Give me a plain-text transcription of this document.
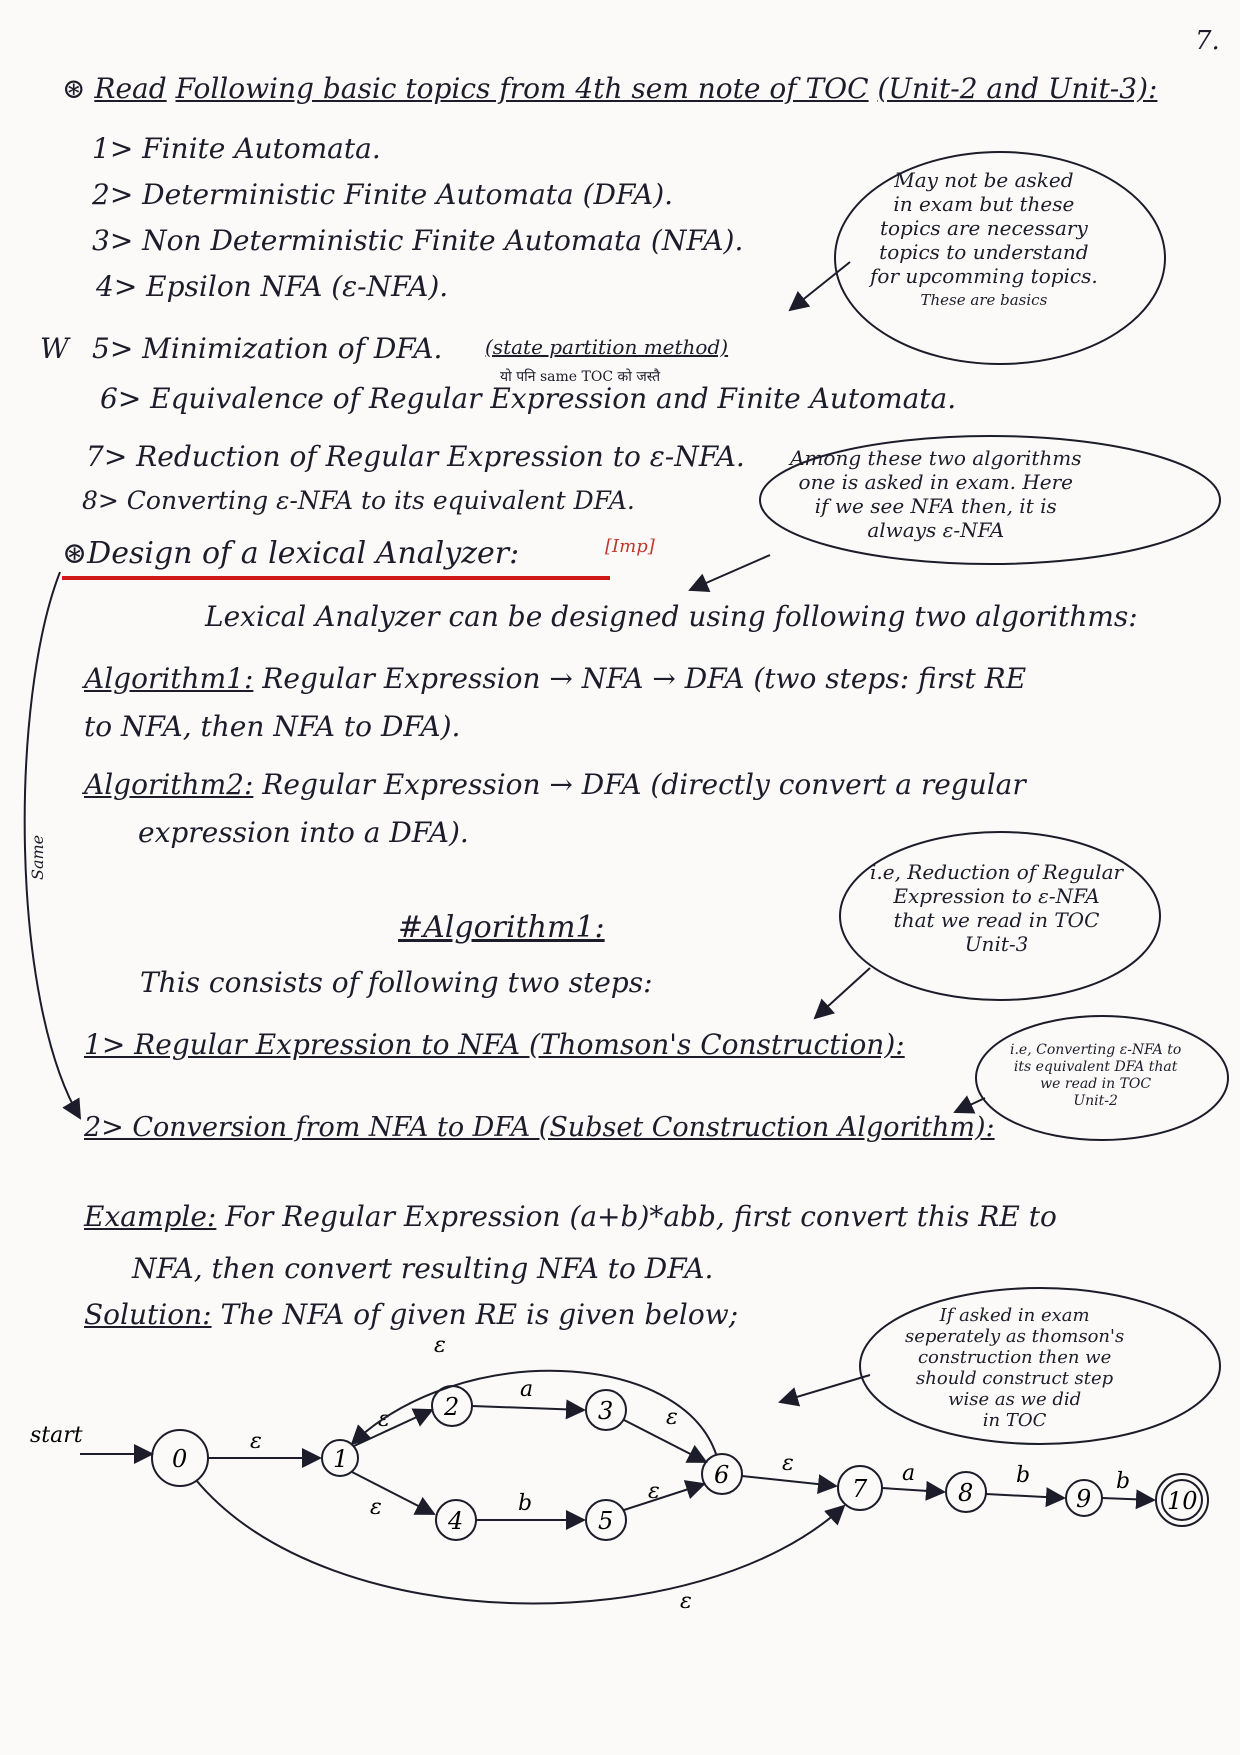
7.
⊛ Read Following basic topics from 4th sem note of TOC (Unit-2 and Unit-3):
1> Finite Automata.
2> Deterministic Finite Automata (DFA).
3> Non Deterministic Finite Automata (NFA).
4> Epsilon NFA (ε-NFA).
W 5> Minimization of DFA. (state partition method)
यो पनि same TOC को जस्तै
6> Equivalence of Regular Expression and Finite Automata.
7> Reduction of Regular Expression to ε-NFA.
8> Converting ε-NFA to its equivalent DFA.
May not be asked
in exam but these
topics are necessary
topics to understand
for upcomming topics.
These are basics
⊛Design of a lexical Analyzer:	[Imp]
Among these two algorithms
one is asked in exam. Here
if we see NFA then, it is
always ε-NFA
Lexical Analyzer can be designed using following two algorithms:
Algorithm1: Regular Expression → NFA → DFA (two steps: first RE
to NFA, then NFA to DFA).
Algorithm2: Regular Expression → DFA (directly convert a regular
expression into a DFA).
Same
#Algorithm1:
This consists of following two steps:
i.e, Reduction of Regular
Expression to ε-NFA
that we read in TOC
Unit-3
1> Regular Expression to NFA (Thomson's Construction):	i.e, Converting ε-NFA to
its equivalent DFA that
we read in TOC
Unit-2
2> Conversion from NFA to DFA (Subset Construction Algorithm):
Example: For Regular Expression (a+b)*abb, first convert this RE to
NFA, then convert resulting NFA to DFA.
Solution: The NFA of given RE is given below;	If asked in exam
seperately as thomson's
construction then we
should construct step
wise as we did
in TOC
start
0	1
2	3
4	5
6	7	8	9	10
ε
ε
a
ε
ε	b	ε
ε
ε
ε
a	b	b
